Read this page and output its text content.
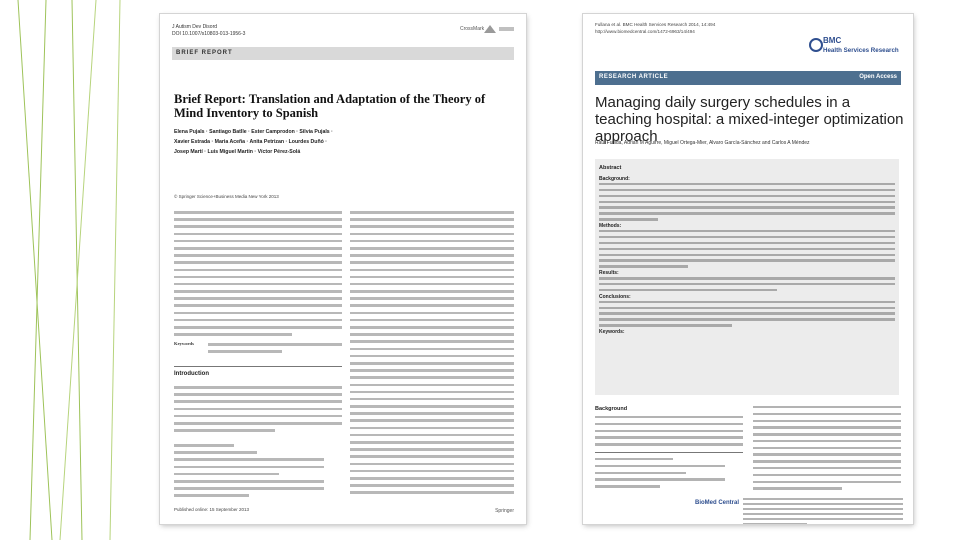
J Autism Dev Disord
DOI 10.1007/s10803-013-1956-3
CrossMark
BRIEF REPORT
Brief Report: Translation and Adaptation of the Theory of Mind Inventory to Spanish
Elena Pujals · Santiago Batlle · Ester Camprodon · Silvia Pujals ·
Xavier Estrada · Maria Aceña · Anita Petrizan · Lourdes Duñó ·
Josep Martí · Luis Miguel Martin · Víctor Pérez-Solá
© Springer Science+Business Media New York 2013
Keywords
Introduction
Published online: 15 September 2013	Springer
Fullana et al. BMC Health Services Research 2014, 14:494
http://www.biomedcentral.com/1472-6963/14/494
BMC
Health Services Research
RESEARCH ARTICLE	Open Access
Managing daily surgery schedules in a teaching hospital: a mixed-integer optimization approach
Raul Fullida, Adrian M Aguirre, Miguel Ortega-Mier, Alvaro García-Sánchez and Carlos A Méndez
Abstract
Background:
Methods:
Results:
Conclusions:
Keywords:
Background
BioMed Central
